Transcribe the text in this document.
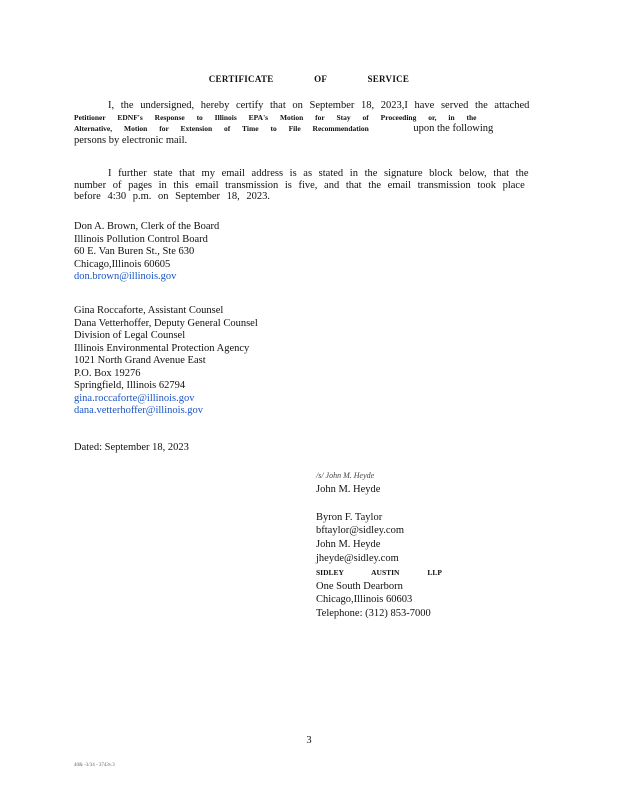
CERTIFICATE OF SERVICE
I, the undersigned, hereby certify that on September 18, 2023,I have served the attached
Petitioner EDNF's Response to Illinois EPA's Motion for Stay of Proceeding or, in the
Alternative, Motion for Extension of Time to File Recommendation	upon the following
persons by electronic mail.
I further state that my email address is as stated in the signature block below, that the
number of pages in this email transmission is five, and that the email transmission took place
before 4:30 p.m. on September 18, 2023.
Don A. Brown, Clerk of the Board
Illinois Pollution Control Board
60 E. Van Buren St., Ste 630
Chicago,Illinois 60605
don.brown@illinois.gov
Gina Roccaforte, Assistant Counsel
Dana Vetterhoffer, Deputy General Counsel
Division of Legal Counsel
Illinois Environmental Protection Agency
1021 North Grand Avenue East
P.O. Box 19276
Springfield, Illinois 62794
gina.roccaforte@illinois.gov
dana.vetterhoffer@illinois.gov
Dated: September 18, 2023
/s/ John M. Heyde
John M. Heyde
Byron F. Taylor
bftaylor@sidley.com
John M. Heyde
jheyde@sidley.com
SIDLEY AUSTIN LLP
One South Dearborn
Chicago,Illinois 60603
Telephone: (312) 853-7000
3
40& -3/34 - 3743v.3
